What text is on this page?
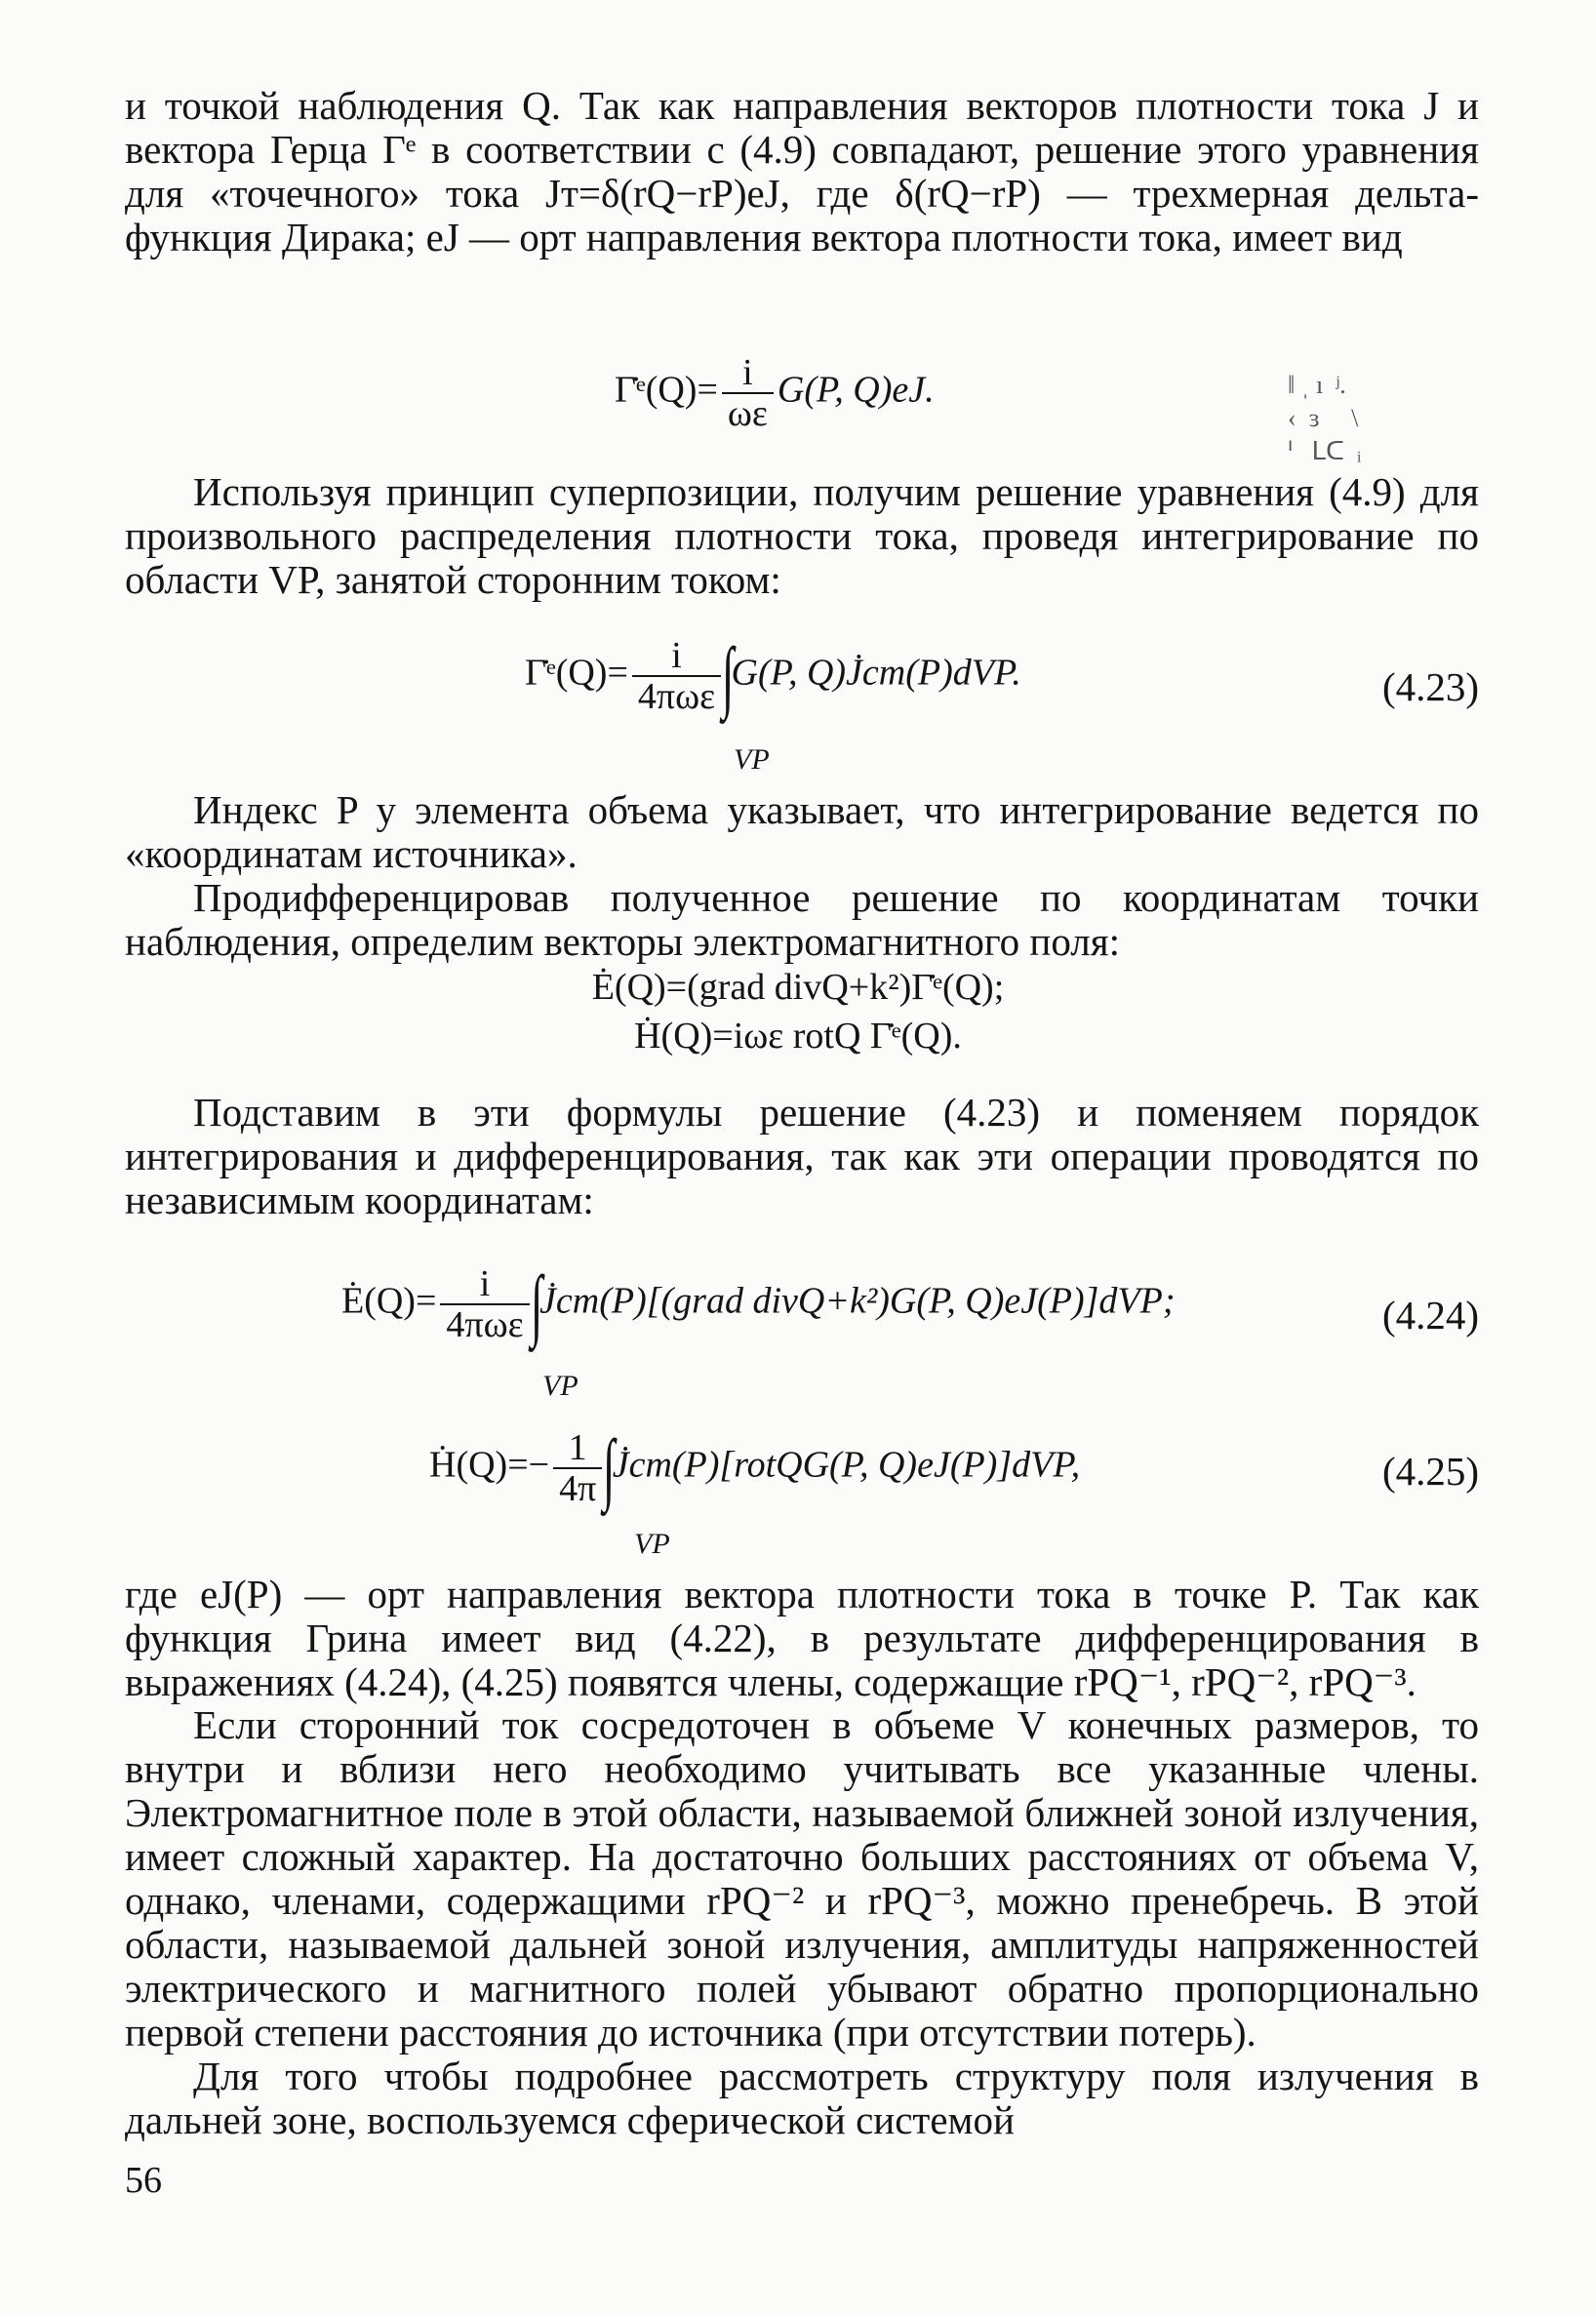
и точкой наблюдения Q. Так как направления векторов плотности тока J и вектора Герца Γᵉ в соответствии с (4.9) совпадают, решение этого уравнения для «точечного» тока Jт=δ(rQ−rP)eJ, где δ(rQ−rP) — трехмерная дельта-функция Дирака; eJ — орт направления вектора плотности тока, имеет вид

‖ ˌ ı  ʲ.
‹  ɜ     \
ᑊ   ᒪᑕ  ᵢ
Γ̇ᵉ(Q)= $\frac{i}{\omega\varepsilon} G(P$, Q)eJ.

Используя принцип суперпозиции, получим решение уравнения (4.9) для произвольного распределения плотности тока, проведя интегрирование по области VP, занятой сторонним током:

Γ̇ᵉ(Q)= $\frac{i}{\text{4πωε}} \int G(P$, Q)J̇ст(P)dVP.
VP
(4.23)

Индекс P у элемента объема указывает, что интегрирование ведется по «координатам источника».

Продифференцировав полученное решение по координатам точки наблюдения, определим векторы электромагнитного поля:

Ė(Q)=(grad divQ+k²)Γ̇ᵉ(Q);
Ḣ(Q)=iωε rotQ Γ̇ᵉ(Q).

Подставим в эти формулы решение (4.23) и поменяем порядок интегрирования и дифференцирования, так как эти операции проводятся по независимым координатам:

Ė(Q)= $\frac{i}{\text{4πωε}}$ ∫J̇ст(P)[(grad divQ+k²)G(P, Q)eJ(P)]dVP;
VP
(4.24)
Ḣ(Q)=− $\frac{1}{4\pi}$ ∫J̇ст(P)[rotQG(P, Q)eJ(P)]dVP,
VP
(4.25)

где eJ(P) — орт направления вектора плотности тока в точке P. Так как функция Грина имеет вид (4.22), в результате дифференцирования в выражениях (4.24), (4.25) появятся члены, содержащие rPQ⁻¹, rPQ⁻², rPQ⁻³.

Если сторонний ток сосредоточен в объеме V конечных размеров, то внутри и вблизи него необходимо учитывать все указанные члены. Электромагнитное поле в этой области, называемой ближней зоной излучения, имеет сложный характер. На достаточно больших расстояниях от объема V, однако, членами, содержащими rPQ⁻² и rPQ⁻³, можно пренебречь. В этой области, называемой дальней зоной излучения, амплитуды напряженностей электрического и магнитного полей убывают обратно пропорционально первой степени расстояния до источника (при отсутствии потерь).

Для того чтобы подробнее рассмотреть структуру поля излучения в дальней зоне, воспользуемся сферической системой

56
